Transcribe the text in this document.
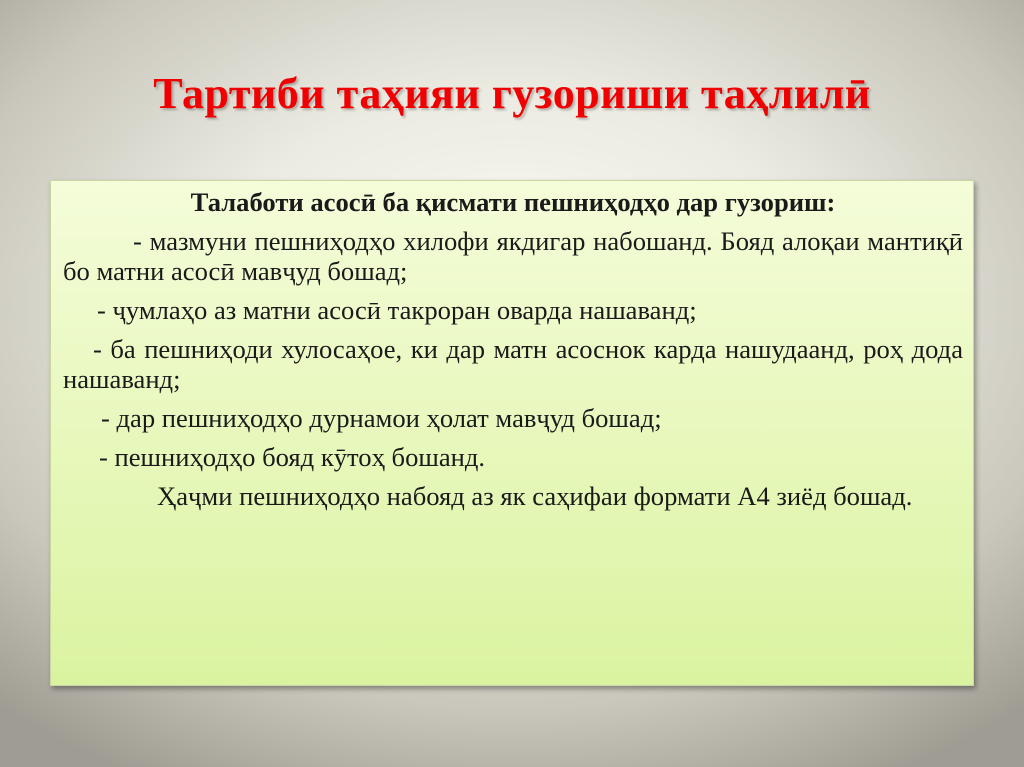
Тартиби таҳияи гузориши таҳлилӣ

Талаботи асосӣ ба қисмати пешниҳодҳо дар гузориш:

- мазмуни пешниҳодҳо хилофи якдигар набошанд. Бояд алоқаи мантиқӣ бо матни асосӣ мавҷуд бошад;

- ҷумлаҳо аз матни асосӣ такроран оварда нашаванд;

- ба пешниҳоди хулосаҳое, ки дар матн асоснок карда нашудаанд, роҳ дода нашаванд;

- дар пешниҳодҳо дурнамои ҳолат мавҷуд бошад;

- пешниҳодҳо бояд кӯтоҳ бошанд.

Ҳаҷми пешниҳодҳо набояд аз як саҳифаи формати А4 зиёд бошад.
